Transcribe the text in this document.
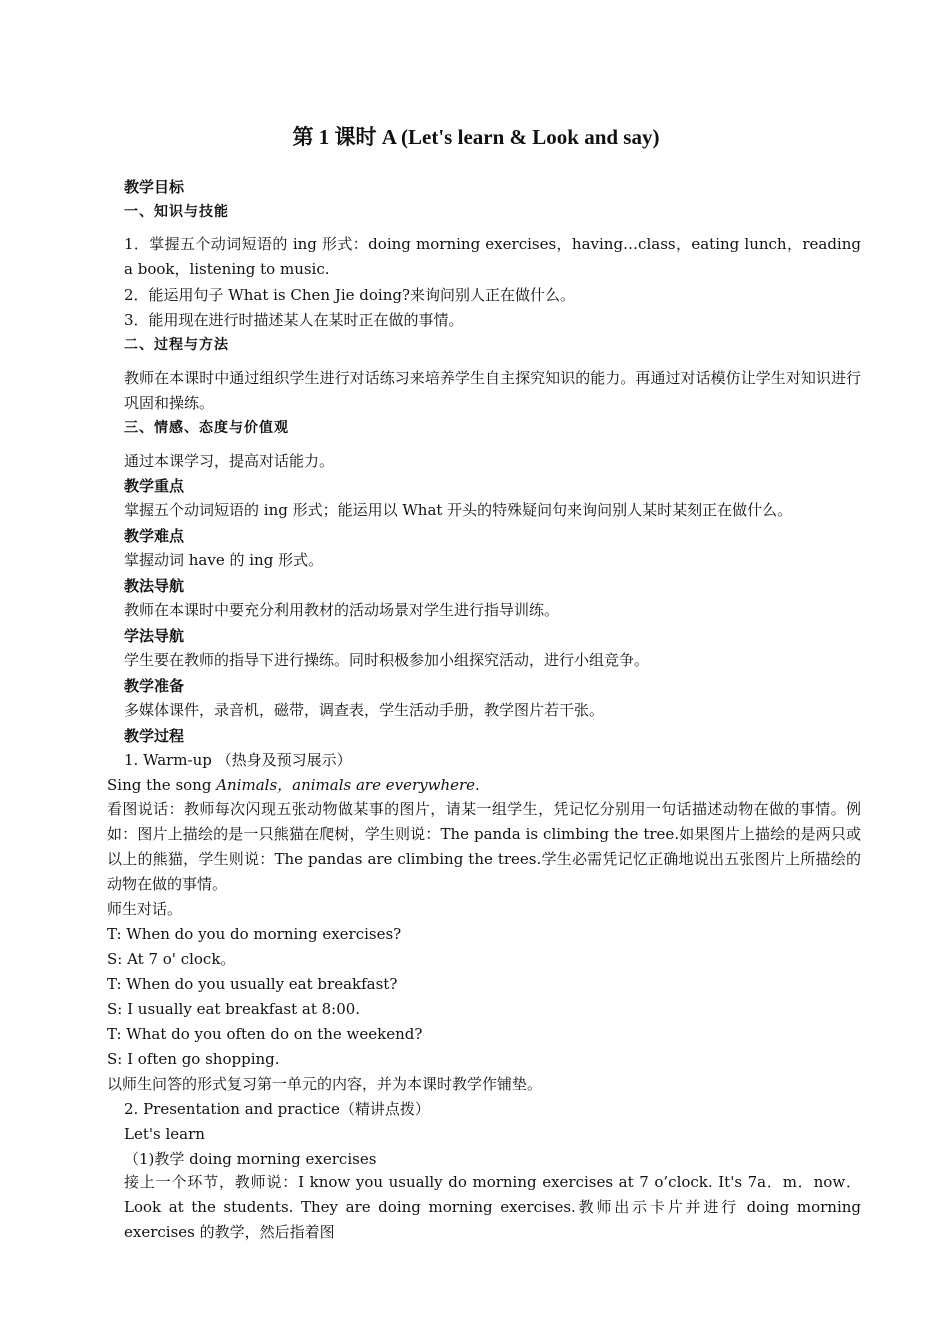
第 1 课时 A (Let's learn & Look and say)
教学目标
一、知识与技能
1．掌握五个动词短语的 ing 形式：doing morning exercises，having…class，eating lunch，reading a book，listening to music.
2．能运用句子 What is Chen Jie doing?来询问别人正在做什么。
3．能用现在进行时描述某人在某时正在做的事情。
二、过程与方法
教师在本课时中通过组织学生进行对话练习来培养学生自主探究知识的能力。再通过对话模仿让学生对知识进行巩固和操练。
三、情感、态度与价值观
通过本课学习，提高对话能力。
教学重点
掌握五个动词短语的 ing 形式；能运用以 What 开头的特殊疑问句来询问别人某时某刻正在做什么。
教学难点
掌握动词 have 的 ing 形式。
教法导航
教师在本课时中要充分利用教材的活动场景对学生进行指导训练。
学法导航
学生要在教师的指导下进行操练。同时积极参加小组探究活动，进行小组竞争。
教学准备
多媒体课件，录音机，磁带，调查表，学生活动手册，教学图片若干张。
教学过程
1. Warm-up （热身及预习展示）
Sing the song Animals，animals are everywhere.
看图说话：教师每次闪现五张动物做某事的图片，请某一组学生，凭记忆分别用一句话描述动物在做的事情。例如：图片上描绘的是一只熊猫在爬树，学生则说：The panda is climbing the tree.如果图片上描绘的是两只或以上的熊猫，学生则说：The pandas are climbing the trees.学生必需凭记忆正确地说出五张图片上所描绘的动物在做的事情。
师生对话。
T: When do you do morning exercises?
S: At 7 o' clock。
T: When do you usually eat breakfast?
S: I usually eat breakfast at 8:00.
T: What do you often do on the weekend?
S: I often go shopping.
以师生问答的形式复习第一单元的内容，并为本课时教学作铺垫。
2. Presentation and practice（精讲点拨）
Let's learn
（1)教学 doing morning exercises
接上一个环节，教师说：I know you usually do morning exercises at 7 o’clock. It's 7a．m．now．Look at the students. They are doing morning exercises.教师出示卡片并进行 doing morning exercises 的教学，然后指着图
